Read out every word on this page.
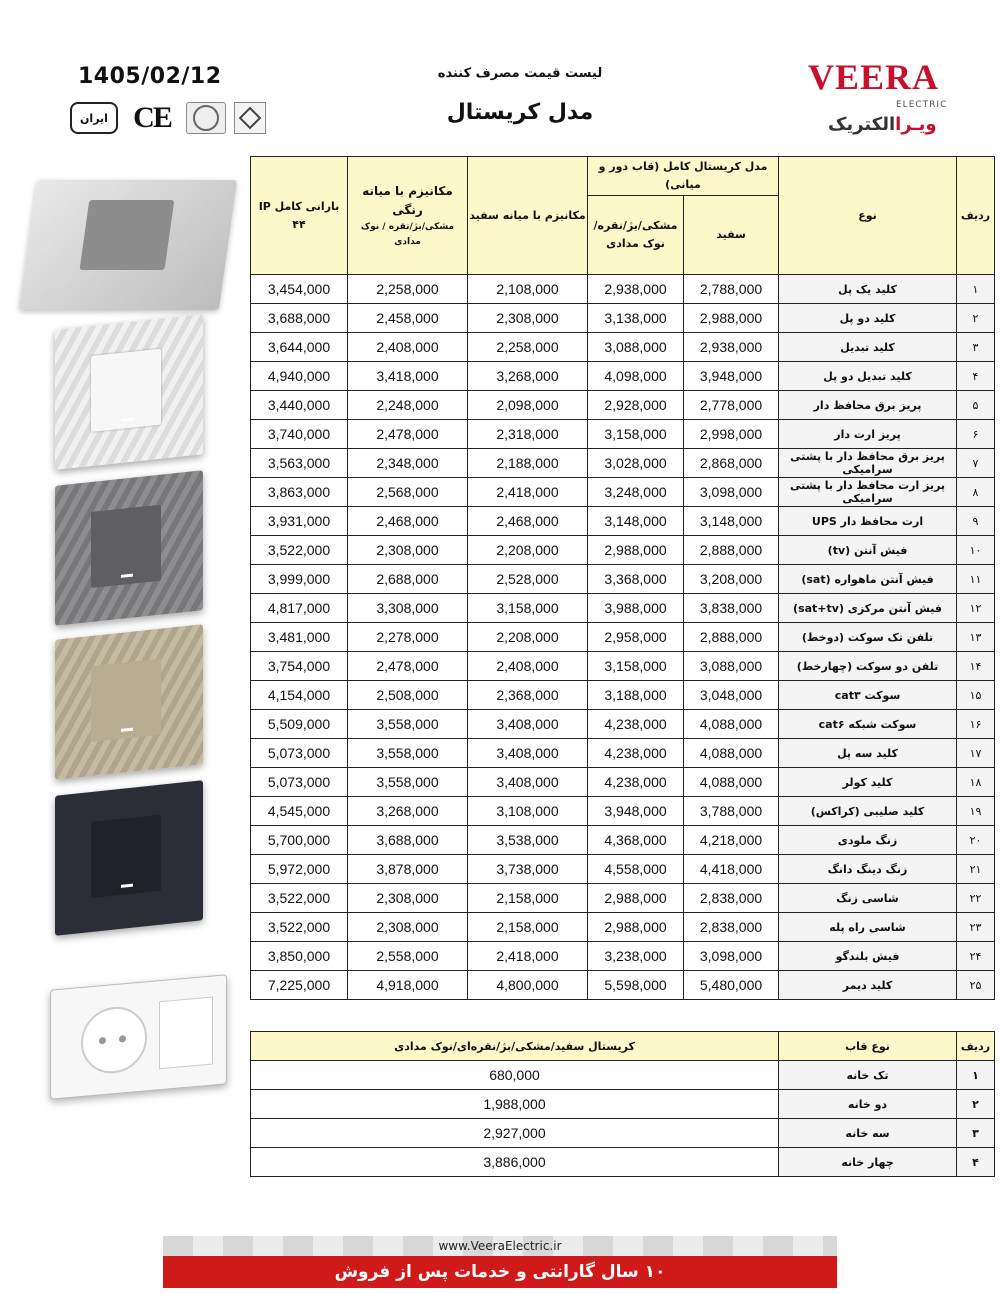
1405/02/12
ایران CE
لیست قیمت مصرف کننده
مدل کریستال
VEERA
ELECTRIC
ویـراالکتریک
ردیف	نوع	مدل کریستال کامل (قاب دور و میانی)		مکانیزم با میانه سفید	مکانیزم با میانه رنگی
مشکی/بژ/نقره / نوک مدادی	بارانی کامل IP ۴۴
		سفید	مشکی/بژ/نقره/ نوک مدادی			
۱	کلید یک پل	2,788,000	2,938,000	2,108,000	2,258,000	3,454,000
۲	کلید دو پل	2,988,000	3,138,000	2,308,000	2,458,000	3,688,000
۳	کلید تبدیل	2,938,000	3,088,000	2,258,000	2,408,000	3,644,000
۴	کلید تبدیل دو پل	3,948,000	4,098,000	3,268,000	3,418,000	4,940,000
۵	پریز برق محافظ دار	2,778,000	2,928,000	2,098,000	2,248,000	3,440,000
۶	پریز ارت دار	2,998,000	3,158,000	2,318,000	2,478,000	3,740,000
۷	پریز برق محافظ دار با پشتی سرامیکی	2,868,000	3,028,000	2,188,000	2,348,000	3,563,000
۸	پریز ارت محافظ دار با پشتی سرامیکی	3,098,000	3,248,000	2,418,000	2,568,000	3,863,000
۹	ارت محافظ دار UPS	3,148,000	3,148,000	2,468,000	2,468,000	3,931,000
۱۰	فیش آنتن (tv)	2,888,000	2,988,000	2,208,000	2,308,000	3,522,000
۱۱	فیش آنتن ماهواره (sat)	3,208,000	3,368,000	2,528,000	2,688,000	3,999,000
۱۲	فیش آنتن مرکزی (sat+tv)	3,838,000	3,988,000	3,158,000	3,308,000	4,817,000
۱۳	تلفن تک سوکت (دوخط)	2,888,000	2,958,000	2,208,000	2,278,000	3,481,000
۱۴	تلفن دو سوکت (چهارخط)	3,088,000	3,158,000	2,408,000	2,478,000	3,754,000
۱۵	سوکت cat۳	3,048,000	3,188,000	2,368,000	2,508,000	4,154,000
۱۶	سوکت شبکه cat۶	4,088,000	4,238,000	3,408,000	3,558,000	5,509,000
۱۷	کلید سه پل	4,088,000	4,238,000	3,408,000	3,558,000	5,073,000
۱۸	کلید کولر	4,088,000	4,238,000	3,408,000	3,558,000	5,073,000
۱۹	کلید صلیبی (کراکس)	3,788,000	3,948,000	3,108,000	3,268,000	4,545,000
۲۰	زنگ ملودی	4,218,000	4,368,000	3,538,000	3,688,000	5,700,000
۲۱	زنگ دینگ دانگ	4,418,000	4,558,000	3,738,000	3,878,000	5,972,000
۲۲	شاسی زنگ	2,838,000	2,988,000	2,158,000	2,308,000	3,522,000
۲۳	شاسی راه پله	2,838,000	2,988,000	2,158,000	2,308,000	3,522,000
۲۴	فیش بلندگو	3,098,000	3,238,000	2,418,000	2,558,000	3,850,000
۲۵	کلید دیمر	5,480,000	5,598,000	4,800,000	4,918,000	7,225,000
ردیف	نوع قاب	کریستال سفید/مشکی/بژ/نقره‌ای/نوک مدادی
۱	تک خانه	680,000
۲	دو خانه	1,988,000
۳	سه خانه	2,927,000
۴	چهار خانه	3,886,000
www.VeeraElectric.ir
۱۰ سال گارانتی و خدمات پس از فروش
